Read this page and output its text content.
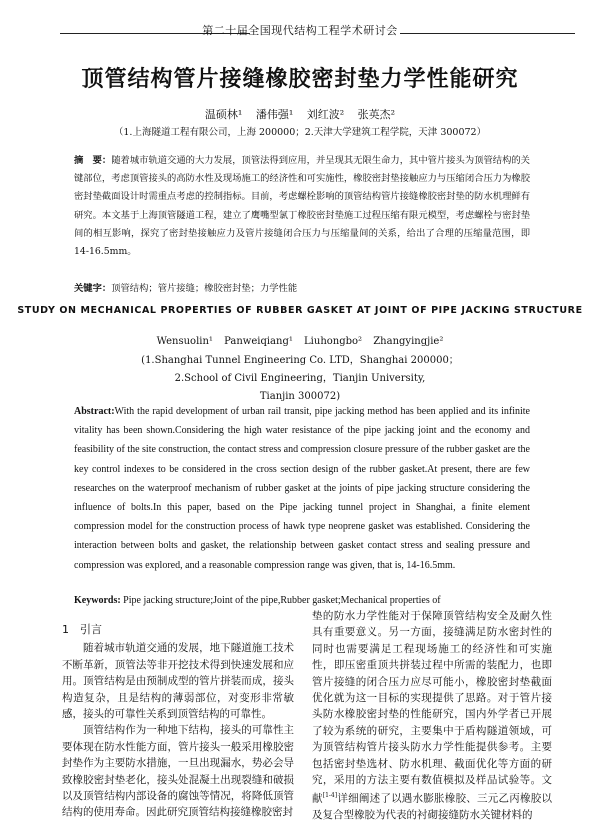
第二十届全国现代结构工程学术研讨会
顶管结构管片接缝橡胶密封垫力学性能研究
温硕林¹ 潘伟强¹ 刘红波² 张英杰²
（1.上海隧道工程有限公司，上海 200000；2.天津大学建筑工程学院，天津 300072）
摘　要：随着城市轨道交通的大力发展，顶管法得到应用，并呈现其无限生命力，其中管片接头为顶管结构的关键部位，考虑顶管接头的高防水性及现场施工的经济性和可实施性，橡胶密封垫接触应力与压缩闭合压力为橡胶密封垫截面设计时需重点考虑的控制指标。目前，考虑螺栓影响的顶管结构管片接缝橡胶密封垫的防水机理鲜有研究。本文基于上海顶管隧道工程，建立了鹰嘴型氯丁橡胶密封垫施工过程压缩有限元模型，考虑螺栓与密封垫间的相互影响，探究了密封垫接触应力及管片接缝闭合压力与压缩量间的关系，给出了合理的压缩量范围，即 14-16.5mm。
关键字：顶管结构；管片接缝；橡胶密封垫；力学性能
STUDY ON MECHANICAL PROPERTIES OF RUBBER GASKET AT JOINT OF PIPE JACKING STRUCTURE
Wensuolin¹ Panweiqiang¹ Liuhongbo² Zhangyingjie²
(1.Shanghai Tunnel Engineering Co. LTD，Shanghai 200000；2.School of Civil Engineering，Tianjin University,
Tianjin 300072)
Abstract:With the rapid development of urban rail transit, pipe jacking method has been applied and its infinite vitality has been shown.Considering the high water resistance of the pipe jacking joint and the economy and feasibility of the site construction, the contact stress and compression closure pressure of the rubber gasket are the key control indexes to be considered in the cross section design of the rubber gasket.At present, there are few researches on the waterproof mechanism of rubber gasket at the joints of pipe jacking structure considering the influence of bolts.In this paper, based on the Pipe jacking tunnel project in Shanghai, a finite element compression model for the construction process of hawk type neoprene gasket was established. Considering the interaction between bolts and gasket, the relationship between gasket contact stress and sealing pressure and compression was explored, and a reasonable compression range was given, that is, 14-16.5mm.
Keywords: Pipe jacking structure;Joint of the pipe,Rubber gasket;Mechanical properties of
1　引言

随着城市轨道交通的发展，地下隧道施工技术不断革新，顶管法等非开挖技术得到快速发展和应用。顶管结构是由预制成型的管片拼装而成，接头构造复杂，且是结构的薄弱部位，对变形非常敏感，接头的可靠性关系到顶管结构的可靠性。

顶管结构作为一种地下结构，接头的可靠性主要体现在防水性能方面，管片接头一般采用橡胶密封垫作为主要防水措施，一旦出现漏水，势必会导致橡胶密封垫老化，接头处混凝土出现裂缝和破损以及顶管结构内部设备的腐蚀等情况，将降低顶管结构的使用寿命。因此研究顶管结构接缝橡胶密封

垫的防水力学性能对于保障顶管结构安全及耐久性具有重要意义。另一方面，接缝满足防水密封性的同时也需要满足工程现场施工的经济性和可实施性，即压密重顶共拼装过程中所需的装配力，也即管片接缝的闭合压力应尽可能小，橡胶密封垫截面优化就为这一目标的实现提供了思路。对于管片接头防水橡胶密封垫的性能研究，国内外学者已开展了较为系统的研究，主要集中于盾构隧道领域，可为顶管结构管片接头防水力学性能提供参考。主要包括密封垫选材、防水机理、截面优化等方面的研究，采用的方法主要有数值模拟及样品试验等。文献[1-4]详细阐述了以遇水膨胀橡胶、三元乙丙橡胶以及复合型橡胶为代表的衬砌接缝防水关键材料的
